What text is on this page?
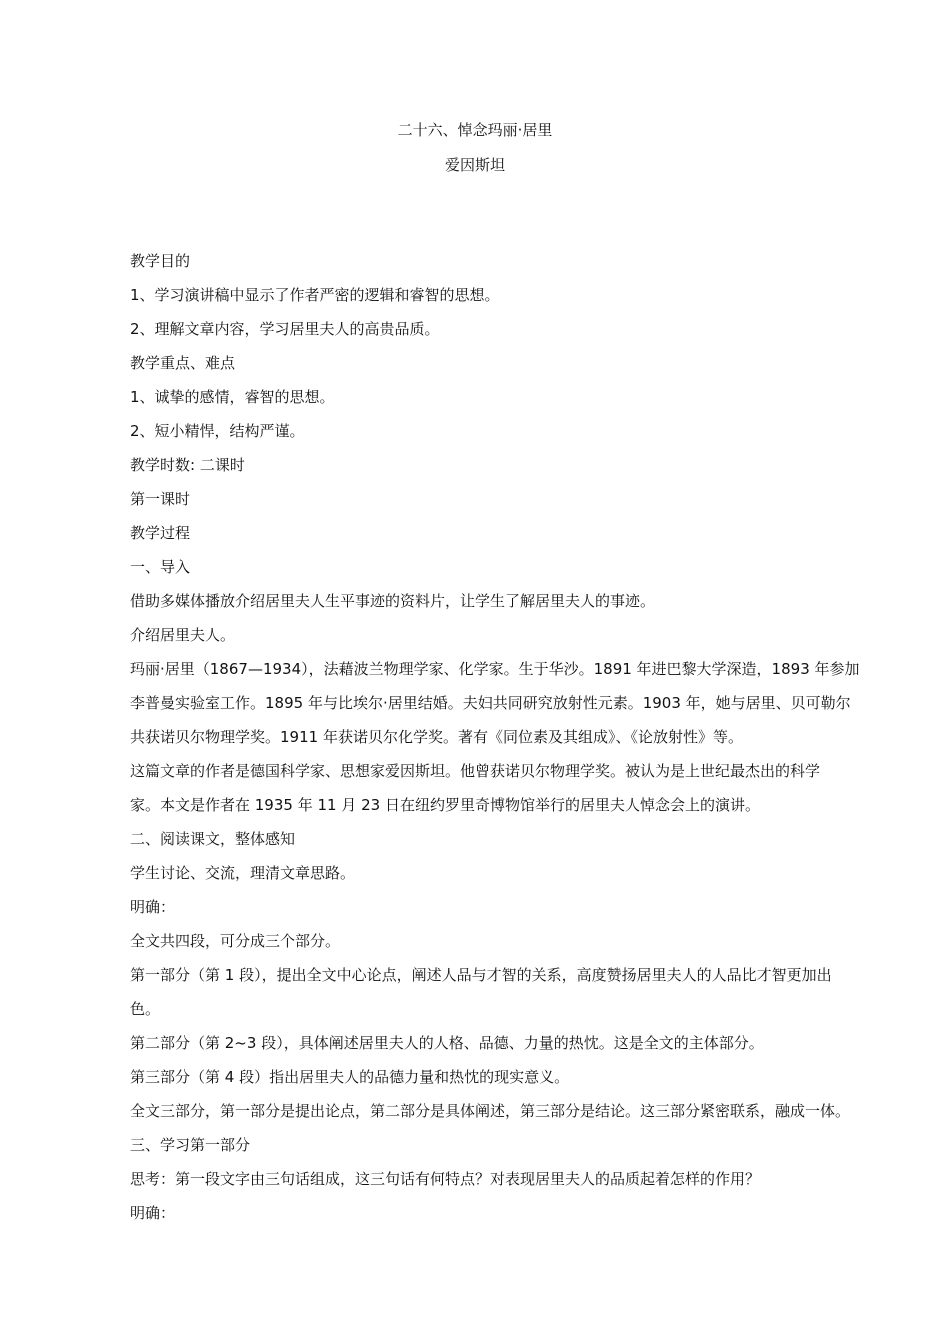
二十六、悼念玛丽·居里
爱因斯坦
教学目的
1、学习演讲稿中显示了作者严密的逻辑和睿智的思想。
2、理解文章内容，学习居里夫人的高贵品质。
教学重点、难点
1、诚挚的感情，睿智的思想。
2、短小精悍，结构严谨。
教学时数: 二课时
第一课时
教学过程
一、导入
借助多媒体播放介绍居里夫人生平事迹的资料片，让学生了解居里夫人的事迹。
介绍居里夫人。
玛丽·居里（1867—1934），法藉波兰物理学家、化学家。生于华沙。1891 年进巴黎大学深造，1893 年参加
李普曼实验室工作。1895 年与比埃尔·居里结婚。夫妇共同研究放射性元素。1903 年，她与居里、贝可勒尔
共获诺贝尔物理学奖。1911 年获诺贝尔化学奖。著有《同位素及其组成》、《论放射性》等。
这篇文章的作者是德国科学家、思想家爱因斯坦。他曾获诺贝尔物理学奖。被认为是上世纪最杰出的科学
家。本文是作者在 1935 年 11 月 23 日在纽约罗里奇博物馆举行的居里夫人悼念会上的演讲。
二、阅读课文，整体感知
学生讨论、交流，理清文章思路。
明确：
全文共四段，可分成三个部分。
第一部分（第 1 段），提出全文中心论点，阐述人品与才智的关系，高度赞扬居里夫人的人品比才智更加出
色。
第二部分（第 2~3 段），具体阐述居里夫人的人格、品德、力量的热忱。这是全文的主体部分。
第三部分（第 4 段）指出居里夫人的品德力量和热忱的现实意义。
全文三部分，第一部分是提出论点，第二部分是具体阐述，第三部分是结论。这三部分紧密联系，融成一体。
三、学习第一部分
思考：第一段文字由三句话组成，这三句话有何特点？对表现居里夫人的品质起着怎样的作用？
明确：
